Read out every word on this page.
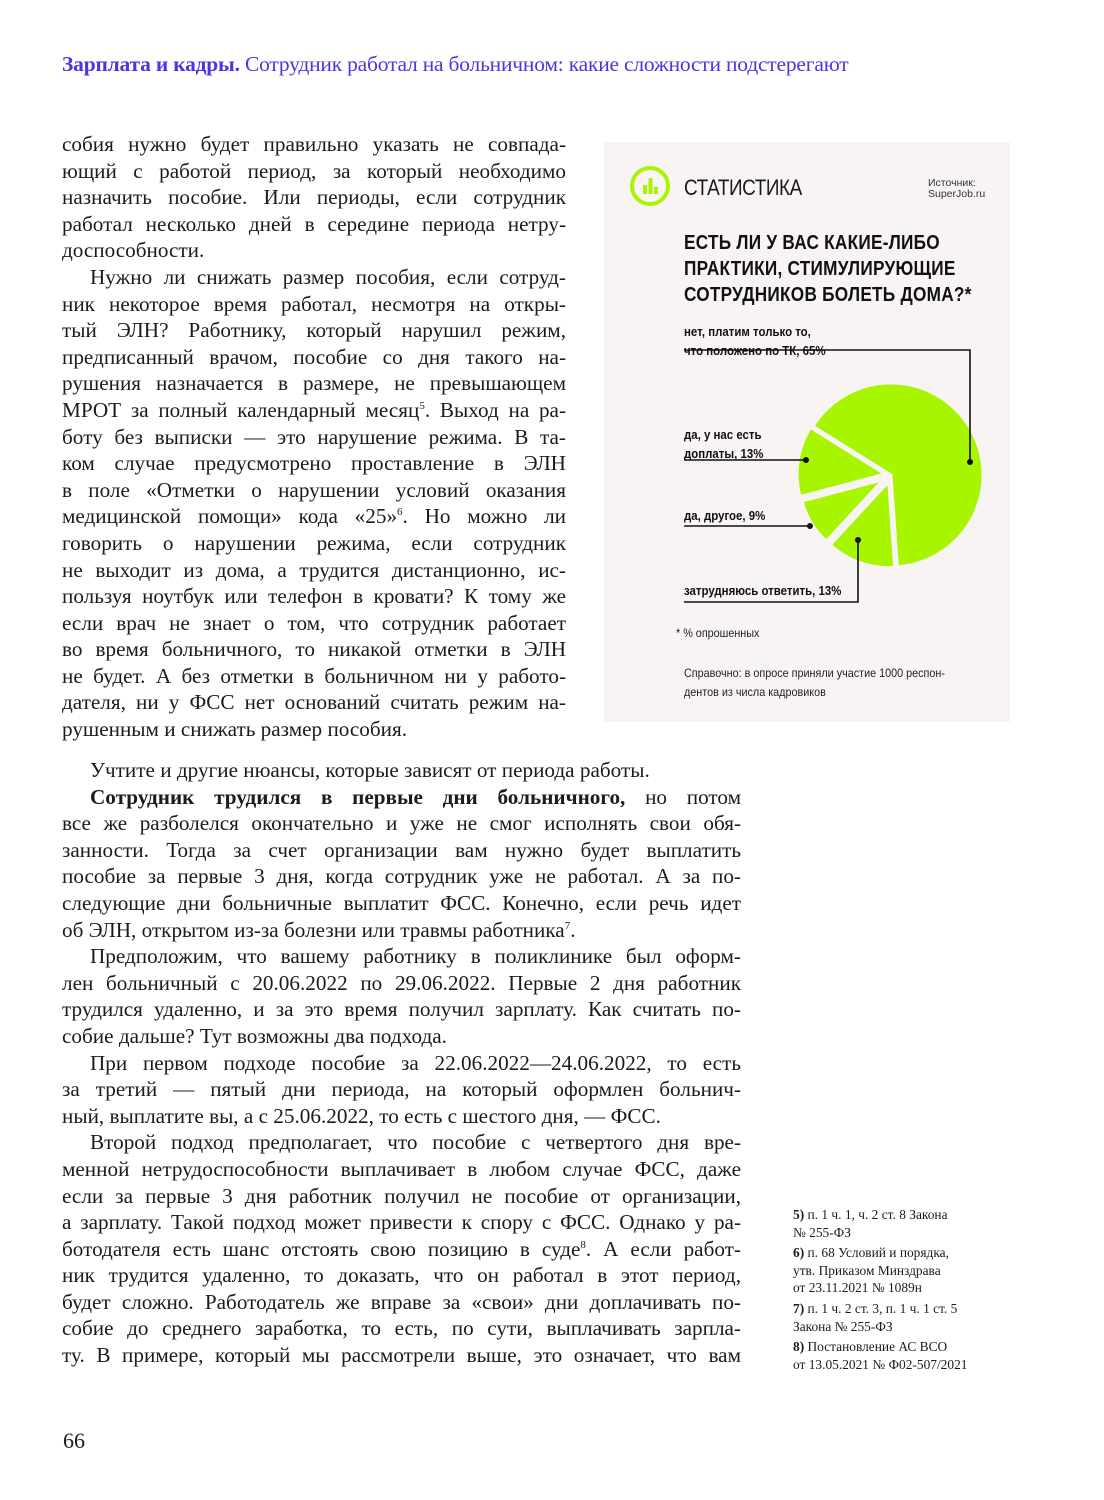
Зарплата и кадры. Сотрудник работал на больничном: какие сложности подстерегают
собия нужно будет правильно указать не совпада-
ющий с работой период, за который необходимо
назначить пособие. Или периоды, если сотрудник
работал несколько дней в середине периода нетру-
доспособности.
Нужно ли снижать размер пособия, если сотруд-
ник некоторое время работал, несмотря на откры-
тый ЭЛН? Работнику, который нарушил режим,
предписанный врачом, пособие со дня такого на-
рушения назначается в размере, не превышающем
МРОТ за полный календарный месяц$^5$. Выход на ра-
боту без выписки — это нарушение режима. В та-
ком случае предусмотрено проставление в ЭЛН
в поле «Отметки о нарушении условий оказания
медицинской помощи» кода «25»$^6$. Но можно ли
говорить о нарушении режима, если сотрудник
не выходит из дома, а трудится дистанционно, ис-
пользуя ноутбук или телефон в кровати? К тому же
если врач не знает о том, что сотрудник работает
во время больничного, то никакой отметки в ЭЛН
не будет. А без отметки в больничном ни у работо-
дателя, ни у ФСС нет оснований считать режим на-
рушенным и снижать размер пособия.
Учтите и другие нюансы, которые зависят от периода работы.
Сотрудник трудился в первые дни больничного, но потом
все же разболелся окончательно и уже не смог исполнять свои обя-
занности. Тогда за счет организации вам нужно будет выплатить
пособие за первые 3 дня, когда сотрудник уже не работал. А за по-
следующие дни больничные выплатит ФСС. Конечно, если речь идет
об ЭЛН, открытом из-за болезни или травмы работника$^7$.
Предположим, что вашему работнику в поликлинике был оформ-
лен больничный с 20.06.2022 по 29.06.2022. Первые 2 дня работник
трудился удаленно, и за это время получил зарплату. Как считать по-
собие дальше? Тут возможны два подхода.
При первом подходе пособие за 22.06.2022—24.06.2022, то есть
за третий — пятый дни периода, на который оформлен больнич-
ный, выплатите вы, а с 25.06.2022, то есть с шестого дня, — ФСС.
Второй подход предполагает, что пособие с четвертого дня вре-
менной нетрудоспособности выплачивает в любом случае ФСС, даже
если за первые 3 дня работник получил не пособие от организации,
а зарплату. Такой подход может привести к спору с ФСС. Однако у ра-
ботодателя есть шанс отстоять свою позицию в суде$^8$. А если работ-
ник трудится удаленно, то доказать, что он работал в этот период,
будет сложно. Работодатель же вправе за «свои» дни доплачивать по-
собие до среднего заработка, то есть, по сути, выплачивать зарпла-
ту. В примере, который мы рассмотрели выше, это означает, что вам
СТАТИСТИКА	Источник:
SuperJob.ru
ЕСТЬ ЛИ У ВАС КАКИЕ-ЛИБО
ПРАКТИКИ, СТИМУЛИРУЮЩИЕ
СОТРУДНИКОВ БОЛЕТЬ ДОМА?*
нет, платим только то,
что положено по ТК, 65%
да, у нас есть
доплаты, 13%
да, другое, 9%
затрудняюсь ответить, 13%
* % опрошенных
Справочно: в опросе приняли участие 1000 респон-
дентов из числа кадровиков
5) п. 1 ч. 1, ч. 2 ст. 8 Закона
№ 255-ФЗ
6) п. 68 Условий и порядка,
утв. Приказом Минздрава
от 23.11.2021 № 1089н
7) п. 1 ч. 2 ст. 3, п. 1 ч. 1 ст. 5
Закона № 255-ФЗ
8) Постановление АС ВСО
от 13.05.2021 № Ф02-507/2021
66
